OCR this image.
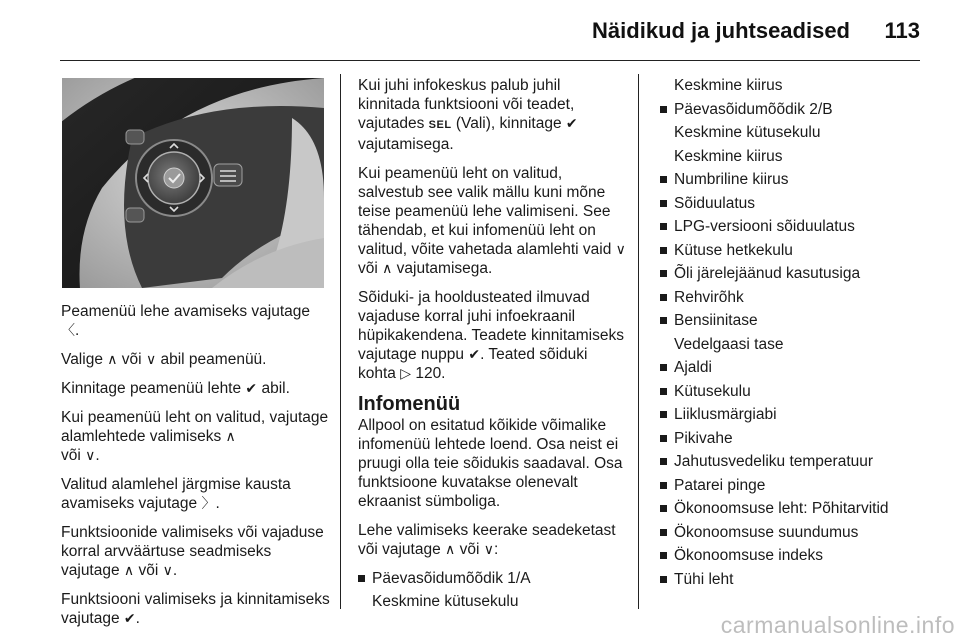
Näidikud ja juhtseadised	113

Peamenüü lehe avamiseks vajutage 〈.

Valige ∧ või ∨ abil peamenüü.

Kinnitage peamenüü lehte ✔ abil.

Kui peamenüü leht on valitud, vajutage alamlehtede valimiseks ∧
või ∨.

Valitud alamlehel järgmise kausta avamiseks vajutage 〉.

Funktsioonide valimiseks või vajaduse korral arvväärtuse seadmiseks vajutage ∧ või ∨.

Funktsiooni valimiseks ja kinnitamiseks vajutage ✔.

Kui juhi infokeskus palub juhil kinnitada funktsiooni või teadet, vajutades SEL (Vali), kinnitage ✔ vajutamisega.

Kui peamenüü leht on valitud, salvestub see valik mällu kuni mõne teise peamenüü lehe valimiseni. See tähendab, et kui infomenüü leht on valitud, võite vahetada alamlehti vaid ∨ või ∧ vajutamisega.

Sõiduki- ja hooldusteated ilmuvad vajaduse korral juhi infoekraanil hüpikakendena. Teadete kinnitamiseks vajutage nuppu ✔. Teated sõiduki kohta ▷ 120.

Infomenüü

Allpool on esitatud kõikide võimalike infomenüü lehtede loend. Osa neist ei pruugi olla teie sõidukis saadaval. Osa funktsioone kuvatakse olenevalt ekraanist sümboliga.

Lehe valimiseks keerake seadeketast või vajutage ∧ või ∨:

Päevasõidumõõdik 1/A
Keskmine kütusekulu
Keskmine kiirus
Päevasõidumõõdik 2/B
Keskmine kütusekulu
Keskmine kiirus
Numbriline kiirus
Sõiduulatus
LPG-versiooni sõiduulatus
Kütuse hetkekulu
Õli järelejäänud kasutusiga
Rehvirõhk
Bensiinitase
Vedelgaasi tase
Ajaldi
Kütusekulu
Liiklusmärgiabi
Pikivahe
Jahutusvedeliku temperatuur
Patarei pinge
Ökonoomsuse leht: Põhitarvitid
Ökonoomsuse suundumus
Ökonoomsuse indeks
Tühi leht
carmanualsonline.info
